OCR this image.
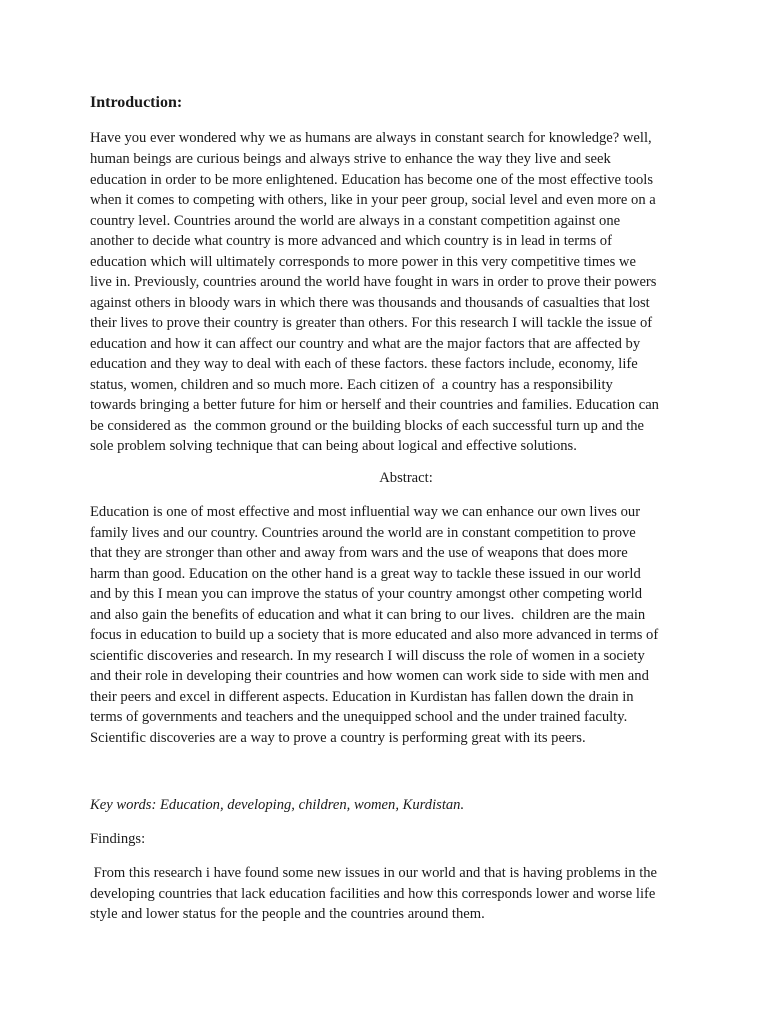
Introduction:

Have you ever wondered why we as humans are always in constant search for knowledge? well,

human beings are curious beings and always strive to enhance the way they live and seek

education in order to be more enlightened. Education has become one of the most effective tools

when it comes to competing with others, like in your peer group, social level and even more on a

country level. Countries around the world are always in a constant competition against one

another to decide what country is more advanced and which country is in lead in terms of

education which will ultimately corresponds to more power in this very competitive times we

live in. Previously, countries around the world have fought in wars in order to prove their powers

against others in bloody wars in which there was thousands and thousands of casualties that lost

their lives to prove their country is greater than others. For this research I will tackle the issue of

education and how it can affect our country and what are the major factors that are affected by

education and they way to deal with each of these factors. these factors include, economy, life

status, women, children and so much more. Each citizen of  a country has a responsibility

towards bringing a better future for him or herself and their countries and families. Education can

be considered as  the common ground or the building blocks of each successful turn up and the

sole problem solving technique that can being about logical and effective solutions.

Abstract:

Education is one of most effective and most influential way we can enhance our own lives our

family lives and our country. Countries around the world are in constant competition to prove

that they are stronger than other and away from wars and the use of weapons that does more

harm than good. Education on the other hand is a great way to tackle these issued in our world

and by this I mean you can improve the status of your country amongst other competing world

and also gain the benefits of education and what it can bring to our lives.  children are the main

focus in education to build up a society that is more educated and also more advanced in terms of

scientific discoveries and research. In my research I will discuss the role of women in a society

and their role in developing their countries and how women can work side to side with men and

their peers and excel in different aspects. Education in Kurdistan has fallen down the drain in

terms of governments and teachers and the unequipped school and the under trained faculty.

Scientific discoveries are a way to prove a country is performing great with its peers.

Key words: Education, developing, children, women, Kurdistan.

Findings:

From this research i have found some new issues in our world and that is having problems in the

developing countries that lack education facilities and how this corresponds lower and worse life

style and lower status for the people and the countries around them.
